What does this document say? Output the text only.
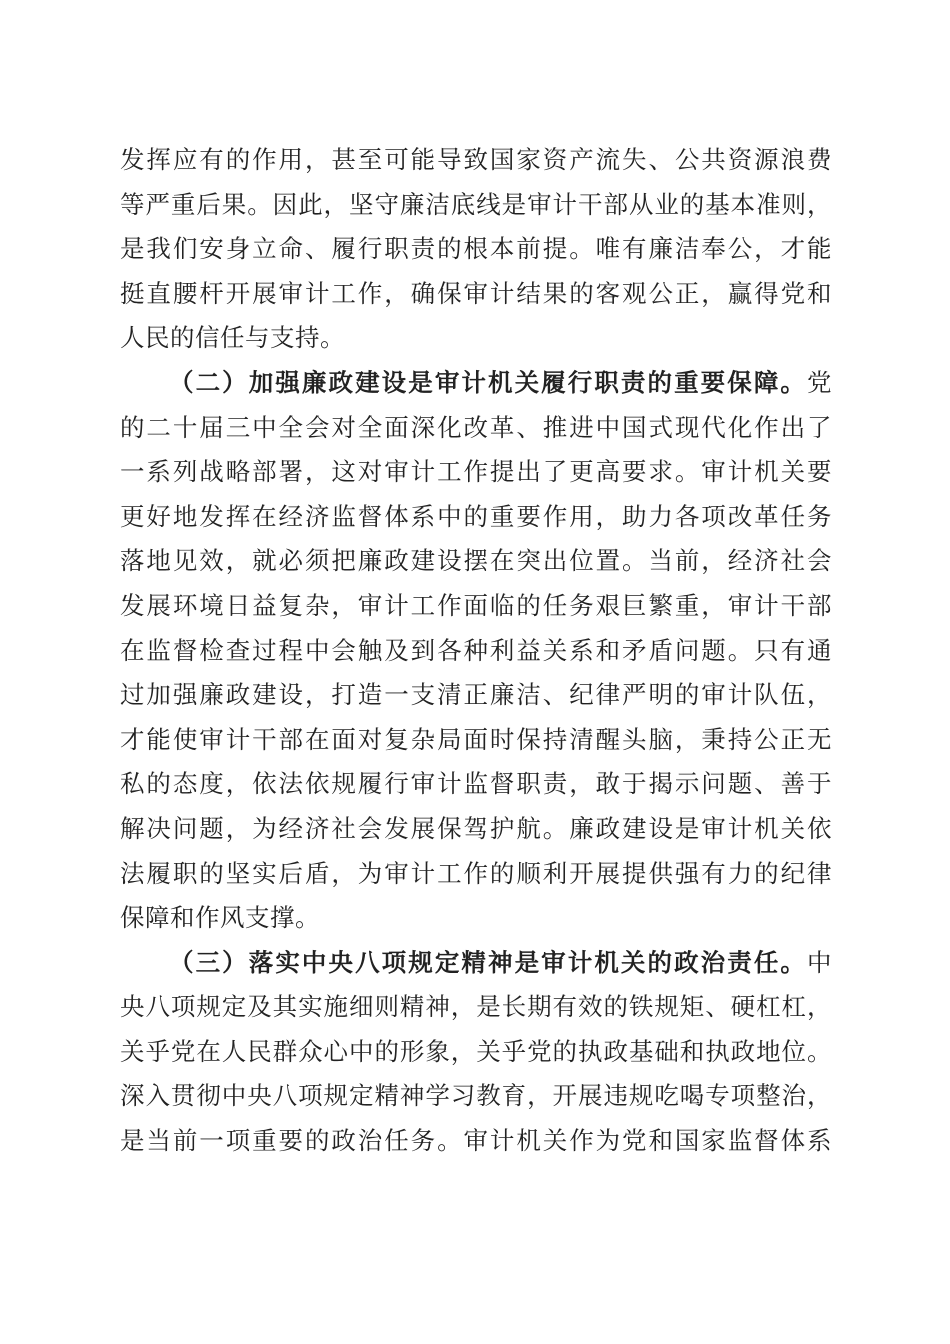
发挥应有的作用，甚至可能导致国家资产流失、公共资源浪费
等严重后果。因此，坚守廉洁底线是审计干部从业的基本准则，
是我们安身立命、履行职责的根本前提。唯有廉洁奉公，才能
挺直腰杆开展审计工作，确保审计结果的客观公正，赢得党和
人民的信任与支持。
（二）加强廉政建设是审计机关履行职责的重要保障。党
的二十届三中全会对全面深化改革、推进中国式现代化作出了
一系列战略部署，这对审计工作提出了更高要求。审计机关要
更好地发挥在经济监督体系中的重要作用，助力各项改革任务
落地见效，就必须把廉政建设摆在突出位置。当前，经济社会
发展环境日益复杂，审计工作面临的任务艰巨繁重，审计干部
在监督检查过程中会触及到各种利益关系和矛盾问题。只有通
过加强廉政建设，打造一支清正廉洁、纪律严明的审计队伍，
才能使审计干部在面对复杂局面时保持清醒头脑，秉持公正无
私的态度，依法依规履行审计监督职责，敢于揭示问题、善于
解决问题，为经济社会发展保驾护航。廉政建设是审计机关依
法履职的坚实后盾，为审计工作的顺利开展提供强有力的纪律
保障和作风支撑。
（三）落实中央八项规定精神是审计机关的政治责任。中
央八项规定及其实施细则精神，是长期有效的铁规矩、硬杠杠，
关乎党在人民群众心中的形象，关乎党的执政基础和执政地位。
深入贯彻中央八项规定精神学习教育，开展违规吃喝专项整治，
是当前一项重要的政治任务。审计机关作为党和国家监督体系
